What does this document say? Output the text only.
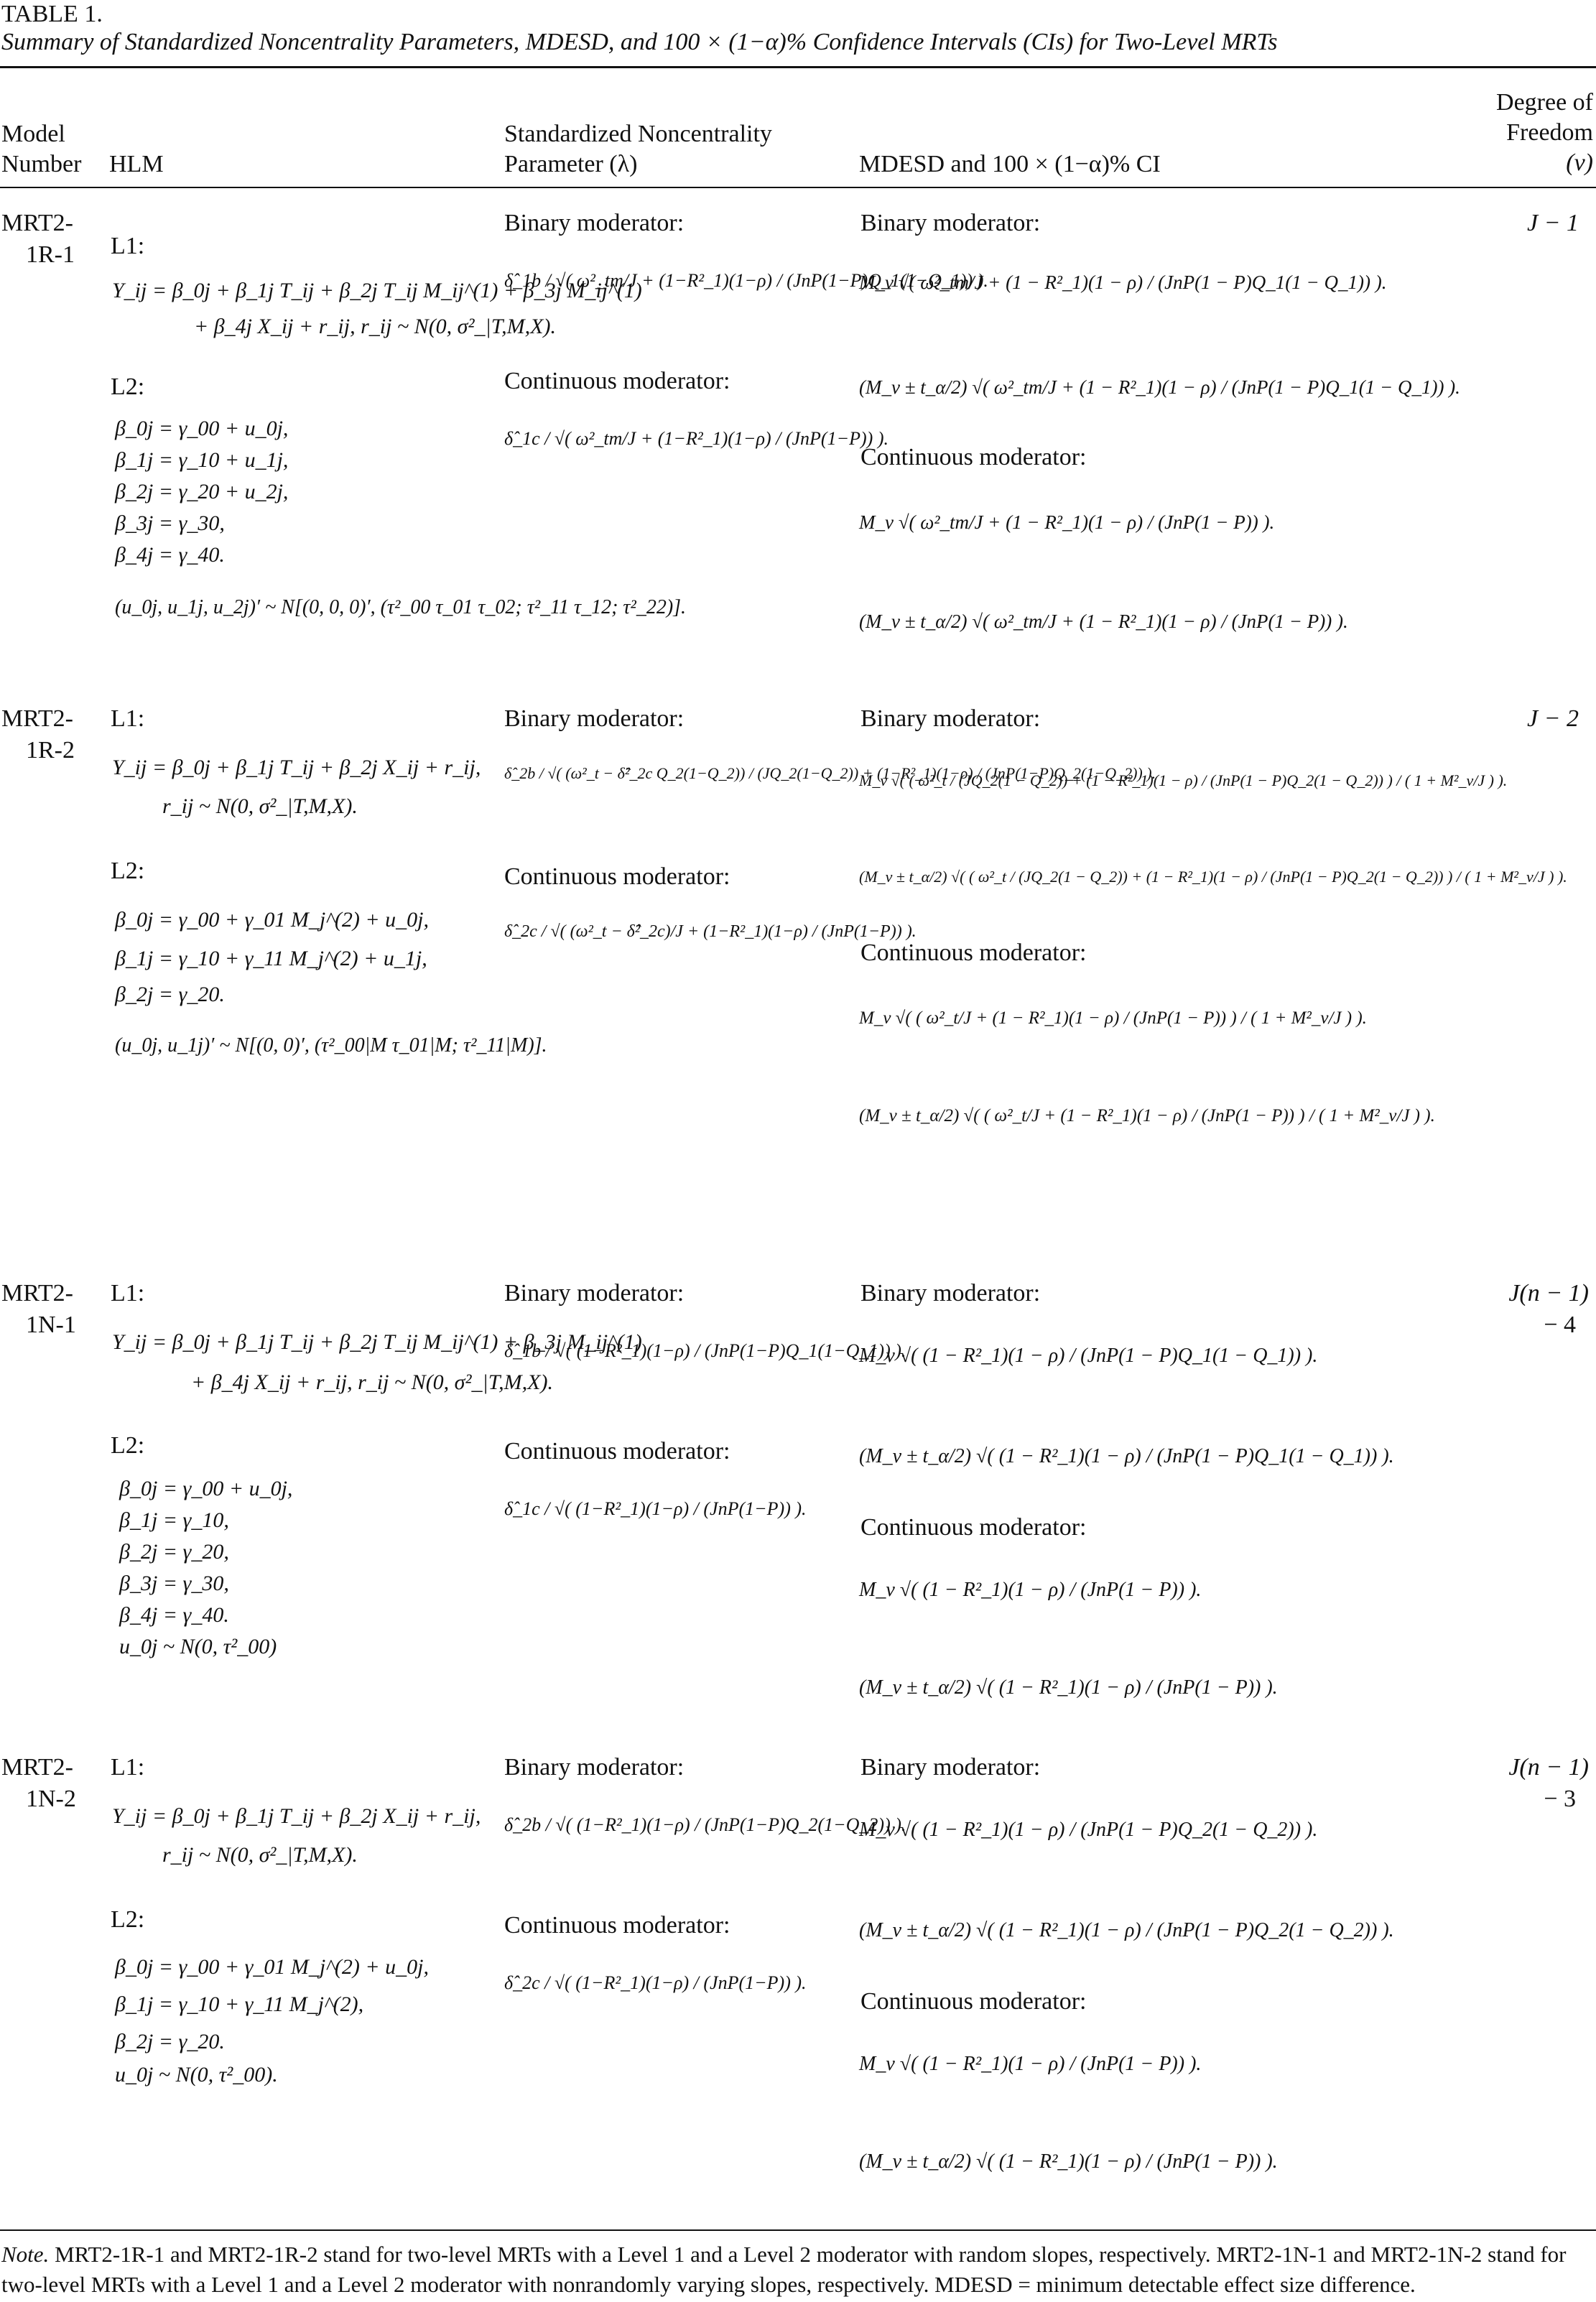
TABLE 1.
Summary of Standardized Noncentrality Parameters, MDESD, and 100 × (1−α)% Confidence Intervals (CIs) for Two-Level MRTs
Model
Number HLM
Standardized Noncentrality
Parameter (λ)	MDESD and 100 × (1−α)% CI
Degree of
Freedom
(ν)
MRT2-
1R-1
J − 1
L1:
Y_ij = β_0j + β_1j T_ij + β_2j T_ij M_ij^(1) + β_3j M_ij^(1)
+ β_4j X_ij + r_ij, r_ij ~ N(0, σ²_|T,M,X).
L2:
β_0j = γ_00 + u_0j,
β_1j = γ_10 + u_1j,
β_2j = γ_20 + u_2j,
β_3j = γ_30,
β_4j = γ_40.
(u_0j, u_1j, u_2j)′ ~ N[(0, 0, 0)′, (τ²_00 τ_01 τ_02; τ²_11 τ_12; τ²_22)].
Binary moderator:
δ̂_1b / √( ω²_tm/J + (1−R²_1)(1−ρ) / (JnP(1−P)Q_1(1−Q_1)) ).
Continuous moderator:
δ̂_1c / √( ω²_tm/J + (1−R²_1)(1−ρ) / (JnP(1−P)) ).
Binary moderator:
M_ν √( ω²_tm/J + (1 − R²_1)(1 − ρ) / (JnP(1 − P)Q_1(1 − Q_1)) ).
(M_ν ± t_α/2) √( ω²_tm/J + (1 − R²_1)(1 − ρ) / (JnP(1 − P)Q_1(1 − Q_1)) ).
Continuous moderator:
M_ν √( ω²_tm/J + (1 − R²_1)(1 − ρ) / (JnP(1 − P)) ).
(M_ν ± t_α/2) √( ω²_tm/J + (1 − R²_1)(1 − ρ) / (JnP(1 − P)) ).
MRT2-
1R-2
J − 2
L1:
Y_ij = β_0j + β_1j T_ij + β_2j X_ij + r_ij,
r_ij ~ N(0, σ²_|T,M,X).
L2:
β_0j = γ_00 + γ_01 M_j^(2) + u_0j,
β_1j = γ_10 + γ_11 M_j^(2) + u_1j,
β_2j = γ_20.
(u_0j, u_1j)′ ~ N[(0, 0)′, (τ²_00|M τ_01|M; τ²_11|M)].
Binary moderator:
δ̂_2b / √( (ω²_t − δ̂²_2c Q_2(1−Q_2)) / (JQ_2(1−Q_2)) + (1−R²_1)(1−ρ) / (JnP(1−P)Q_2(1−Q_2)) ).
Continuous moderator:
δ̂_2c / √( (ω²_t − δ̂²_2c)/J + (1−R²_1)(1−ρ) / (JnP(1−P)) ).
Binary moderator:
M_ν √( ( ω²_t / (JQ_2(1 − Q_2)) + (1 − R²_1)(1 − ρ) / (JnP(1 − P)Q_2(1 − Q_2)) ) / ( 1 + M²_ν/J ) ).
(M_ν ± t_α/2) √( ( ω²_t / (JQ_2(1 − Q_2)) + (1 − R²_1)(1 − ρ) / (JnP(1 − P)Q_2(1 − Q_2)) ) / ( 1 + M²_ν/J ) ).
Continuous moderator:
M_ν √( ( ω²_t/J + (1 − R²_1)(1 − ρ) / (JnP(1 − P)) ) / ( 1 + M²_ν/J ) ).
(M_ν ± t_α/2) √( ( ω²_t/J + (1 − R²_1)(1 − ρ) / (JnP(1 − P)) ) / ( 1 + M²_ν/J ) ).
MRT2-
1N-1
J(n − 1)
− 4
L1:
Y_ij = β_0j + β_1j T_ij + β_2j T_ij M_ij^(1) + β_3j M_ij^(1)
+ β_4j X_ij + r_ij, r_ij ~ N(0, σ²_|T,M,X).
L2:
β_0j = γ_00 + u_0j,
β_1j = γ_10,
β_2j = γ_20,
β_3j = γ_30,
β_4j = γ_40.
u_0j ~ N(0, τ²_00)
Binary moderator:
δ̂_1b / √( (1−R²_1)(1−ρ) / (JnP(1−P)Q_1(1−Q_1)) ).
Continuous moderator:
δ̂_1c / √( (1−R²_1)(1−ρ) / (JnP(1−P)) ).
Binary moderator:
M_ν √( (1 − R²_1)(1 − ρ) / (JnP(1 − P)Q_1(1 − Q_1)) ).
(M_ν ± t_α/2) √( (1 − R²_1)(1 − ρ) / (JnP(1 − P)Q_1(1 − Q_1)) ).
Continuous moderator:
M_ν √( (1 − R²_1)(1 − ρ) / (JnP(1 − P)) ).
(M_ν ± t_α/2) √( (1 − R²_1)(1 − ρ) / (JnP(1 − P)) ).
MRT2-
1N-2
J(n − 1)
− 3
L1:
Y_ij = β_0j + β_1j T_ij + β_2j X_ij + r_ij,
r_ij ~ N(0, σ²_|T,M,X).
L2:
β_0j = γ_00 + γ_01 M_j^(2) + u_0j,
β_1j = γ_10 + γ_11 M_j^(2),
β_2j = γ_20.
u_0j ~ N(0, τ²_00).
Binary moderator:
δ̂_2b / √( (1−R²_1)(1−ρ) / (JnP(1−P)Q_2(1−Q_2)) ).
Continuous moderator:
δ̂_2c / √( (1−R²_1)(1−ρ) / (JnP(1−P)) ).
Binary moderator:
M_ν √( (1 − R²_1)(1 − ρ) / (JnP(1 − P)Q_2(1 − Q_2)) ).
(M_ν ± t_α/2) √( (1 − R²_1)(1 − ρ) / (JnP(1 − P)Q_2(1 − Q_2)) ).
Continuous moderator:
M_ν √( (1 − R²_1)(1 − ρ) / (JnP(1 − P)) ).
(M_ν ± t_α/2) √( (1 − R²_1)(1 − ρ) / (JnP(1 − P)) ).
Note. MRT2-1R-1 and MRT2-1R-2 stand for two-level MRTs with a Level 1 and a Level 2 moderator with random slopes, respectively. MRT2-1N-1 and MRT2-1N-2 stand for two-level MRTs with a Level 1 and a Level 2 moderator with nonrandomly varying slopes, respectively. MDESD = minimum detectable effect size difference.
